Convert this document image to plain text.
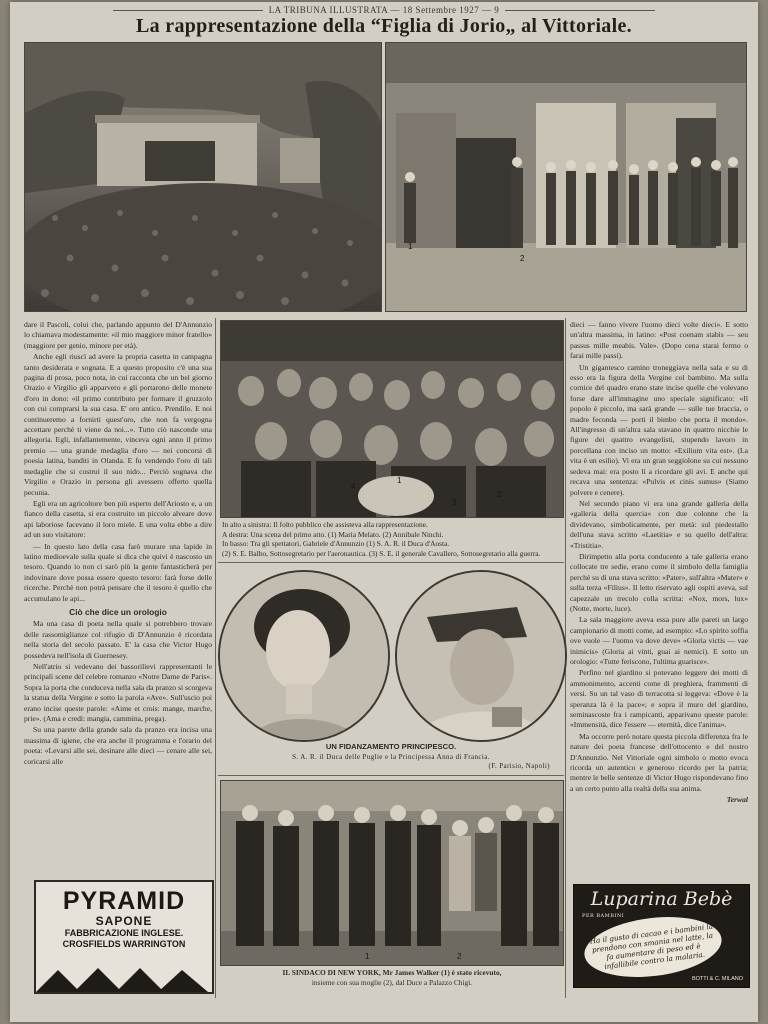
LA TRIBUNA ILLUSTRATA — 18 Settembre 1927 — 9
La rappresentazione della “Figlia di Jorio„ al Vittoriale.
1
2

dare il Pascoli, colui che, parlando appunto del D'Annunzio lo chiamava modestamente: «il mio maggiore minor fratello» (maggiore per genio, minore per età).

Anche egli riuscì ad avere la propria casetta in campagna tanto desiderata e sognata. E a questo proposito c'è una sua pagina di prosa, poco nota, in cui racconta che un bel giorno Orazio e Virgilio gli apparvero e gli portarono delle monete d'oro in dono: «il primo contributo per formare il gruzzolo con cui comprarsi la sua casa. E' oro antico. Prendilo. E noi continueremo a fornirti quest'oro, che non fa vergogna accettare perchè ti viene da noi...». Tutto ciò nasconde una allegoria. Egli, infallantemente, vinceva ogni anno il primo premio — una grande medaglia d'oro — nei concorsi di poesia latina, banditi in Olanda. E fu vendendo l'oro di tali medaglie che si costruì il suo nido... Perciò sognava che Virgilio e Orazio in persona gli avessero offerto quella pecunia.

Egli era un agricoltore ben più esperto dell'Ariosto e, a un fianco della casetta, si era costruito un piccolo alveare dove api laboriose facevano il loro miele. E una volta ebbe a dire ad un suo visitatore:

— In questo lato della casa farò murare una lapide in latino medioevale sulla quale si dica che quivi è nascosto un tesoro. Quando io non ci sarò più la gente fantasticherà per indovinare dove possa essere questo tesoro: farà forse delle ricerche. Perchè non potrà pensare che il tesoro è quello che accumulano le api...

Ciò che dice un orologio

Ma una casa di poeta nella quale si potrebbero trovare delle rassomiglianze col rifugio di D'Annunzio è ricordata nella storia del secolo passato. E' la casa che Victor Hugo possedeva nell'isola di Guernesey.

Nell'atrio si vedevano dei bassorilievi rappresentanti le principali scene del celebre romanzo «Notre Dame de Paris». Sopra la porta che conduceva nella sala da pranzo si scorgeva la statua della Vergine e sotto la parola «Ave». Sull'uscio poi erano incise queste parole: «Aime et crois: mange, marche, prie». (Ama e credi: mangia, cammina, prega).

Su una parete della grande sala da pranzo era incisa una massima di igiene, che era anche il programma e l'orario del poeta: «Levarsi alle sei, desinare alle dieci — cenare alle sei, coricarsi alle

4
1
3
2
In alto a sinistra: Il folto pubblico che assisteva alla rappresentazione.
A destra: Una scena del primo atto. (1) Maria Melato. (2) Annibale Ninchi.
In basso: Tra gli spettatori, Gabriele d'Annunzio (1) S. A. R. il Duca d'Aosta.
(2) S. E. Balbo, Sottosegretario per l'aeronautica. (3) S. E. il generale Cavallero, Sottosegretario alla guerra.
UN FIDANZAMENTO PRINCIPESCO.
S. A. R. il Duca delle Puglie e la Principessa Anna di Francia.
(F. Parisio, Napoli)
1	2
IL SINDACO DI NEW YORK, Mr James Walker (1) è stato ricevuto,
insieme con sua moglie (2), dal Duce a Palazzo Chigi.

dieci — fanno vivere l'uomo dieci volte dieci». E sotto un'altra massima, in latino: «Post coenam stabis — seu passus mille meabis. Vale». (Dopo cena starai fermo o farai mille passi).

Un gigantesco camino troneggiava nella sala e su di esso era la figura della Vergine col bambino. Ma sulla cornice del quadro erano state incise quelle che volevano forse dare all'immagine uno speciale significato: «Il popolo è piccolo, ma sarà grande — sulle tue braccia, o madre feconda — porti il bimbo che porta il mondo». All'ingresso di un'altra sala stavano in quattro nicchie le figure dei quattro evangelisti, stupendo lavoro in porcellana con inciso un motto: «Exilium vita est». (La vita è un esilio). Vi era un gran seggiolone su cui nessuno sedeva mai: era posto lì a ricordare gli avi. E anche qui recava una sentenza: «Pulvis et cinis sumus» (Siamo polvere e cenere).

Nel secondo piano vi era una grande galleria della «galleria della quercia» con due colonne che la dividevano, simbolicamente, per metà: sul piedestallo dell'una stava scritto «Laetitia» e su quello dell'altra: «Tristitia».

Dirimpetto alla porta conducente a tale galleria erano collocate tre sedie, erano come il simbolo della famiglia perchè su di una stava scritto: «Pater», sull'altra «Mater» e sulla terza «Filius». Il letto riservato agli ospiti aveva, sul capezzale un trecolo colla scritta: «Nox, mors, lux» (Notte, morte, luce).

La sala maggiore aveva essa pure alle pareti un largo campionario di motti come, ad esempio: «Lo spirito soffia ove vuole — l'uomo va dove deve» «Gloria victis — vae inimicis» (Gloria ai vinti, guai ai nemici). E sotto un orologio: «Tutte feriscono, l'ultima guarisce».

Perfino nel giardino si potevano leggere dei motti di ammonimento, accenti come di preghiera, frammenti di versi. Su un tal vaso di terracotta si leggeva: «Dove è la speranza là è la pace»; e sopra il muro del giardino, seminascoste fra i rampicanti, apparivano queste parole: «Immensità, dice l'essere — eternità, dice l'anima».

Ma occorre però notare questa piccola differenza fra le nature dei poeta francese dell'ottocento e del nostro D'Annunzio. Nel Vittoriale ogni simbolo o motto evoca ricorda un autentico e generoso ricordo per la patria; mentre le belle sentenze di Victor Hugo rispondevano fino a un certo punto alla realtà della sua anima.

Terwal

PYRAMID
SAPONE
FABBRICAZIONE INGLESE.
CROSFIELDS WARRINGTON
Luparina Bebè
PER BAMBINI
Ha il gusto di cacao e i bambini la prendono con smania nel latte, la fa aumentare di peso ed è infallibile contro la malaria.
BOTTI & C. MILANO
